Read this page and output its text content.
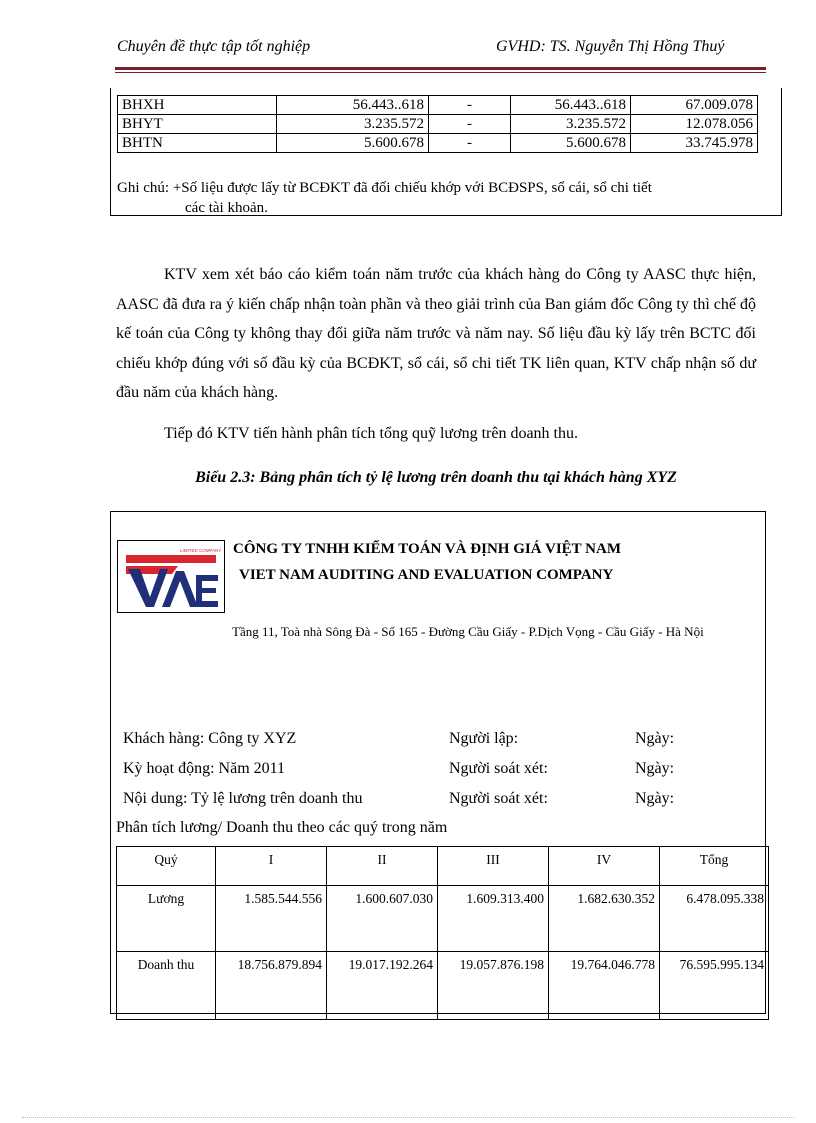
Chuyên đề thực tập tốt nghiệp	GVHD: TS. Nguyễn Thị Hồng Thuý
BHXH	56.443..618	-	56.443..618	67.009.078
BHYT	3.235.572	-	3.235.572	12.078.056
BHTN	5.600.678	-	5.600.678	33.745.978
Ghi chú: +Số liệu được lấy từ BCĐKT đã đối chiếu khớp với BCĐSPS, sổ cái, sổ chi tiết
các tài khoản.
KTV xem xét báo cáo kiểm toán năm trước của khách hàng do Công ty AASC thực hiện, AASC đã đưa ra ý kiến chấp nhận toàn phần và theo giải trình của Ban giám đốc Công ty thì chế độ kế toán của Công ty không thay đổi giữa năm trước và năm nay. Số liệu đầu kỳ lấy trên BCTC đối chiếu khớp đúng với số đầu kỳ của BCĐKT, sổ cái, sổ chi tiết TK liên quan, KTV chấp nhận số dư đầu năm của khách hàng.
Tiếp đó KTV tiến hành phân tích tổng quỹ lương trên doanh thu.
Biểu 2.3: Bảng phân tích tỷ lệ lương trên doanh thu tại khách hàng XYZ
LIMITED COMPANY CÔNG TY TNHH KIỂM TOÁN VÀ ĐỊNH GIÁ VIỆT NAM
VIET NAM AUDITING AND EVALUATION COMPANY
Tầng 11, Toà nhà Sông Đà - Số 165 - Đường Cầu Giấy - P.Dịch Vọng - Cầu Giấy - Hà Nội
Khách hàng: Công ty XYZ	Người lập:	Ngày:
Kỳ hoạt động: Năm 2011	Người soát xét:	Ngày:
Nội dung: Tỷ lệ lương trên doanh thu	Người soát xét:	Ngày:
Phân tích lương/ Doanh thu theo các quý trong năm
Quý	I	II	III	IV	Tổng
Lương	1.585.544.556	1.600.607.030	1.609.313.400	1.682.630.352	6.478.095.338
Doanh thu	18.756.879.894	19.017.192.264	19.057.876.198	19.764.046.778	76.595.995.134
